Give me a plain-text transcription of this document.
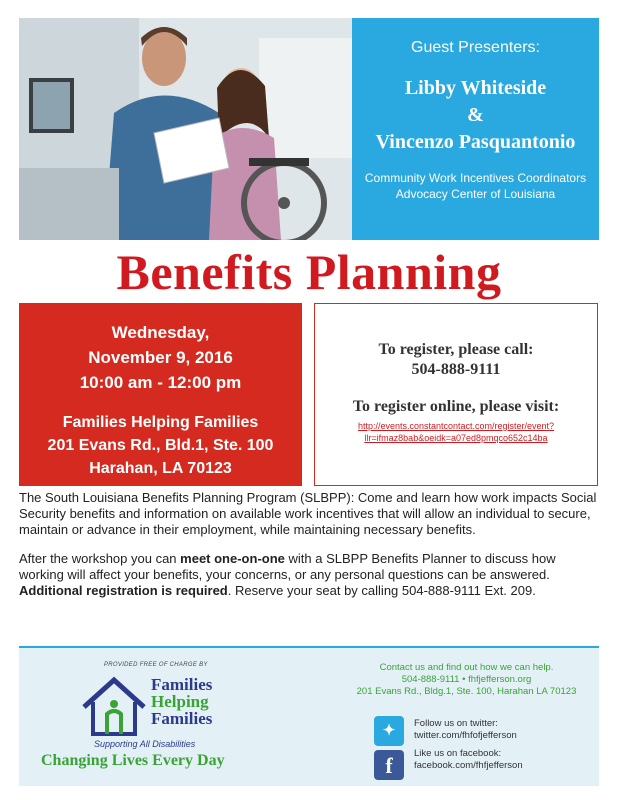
Guest Presenters:
Libby Whiteside
&
Vincenzo Pasquantonio
Community Work Incentives Coordinators
Advocacy Center of Louisiana
Benefits Planning
Wednesday,
November 9, 2016
10:00 am - 12:00 pm
Families Helping Families
201 Evans Rd., Bld.1, Ste. 100
Harahan, LA 70123
To register, please call:
504-888-9111
To register online, please visit:
http://events.constantcontact.com/register/event?
llr=ifmaz8bab&oeidk=a07ed8pmqco652c14ba

The South Louisiana Benefits Planning Program (SLBPP): Come and learn how work impacts Social Security benefits and information on available work incentives that will allow an individual to secure, maintain or advance in their employment, while maintaining necessary benefits.

After the workshop you can meet one-on-one with a SLBPP Benefits Planner to discuss how working will affect your benefits, your concerns, or any personal questions can be answered. Additional registration is required. Reserve your seat by calling 504-888-9111 Ext. 209.

PROVIDED FREE OF CHARGE BY
Families
Helping
Families
Supporting All Disabilities
Changing Lives Every Day
Contact us and find out how we can help.
504-888-9111 • fhfjefferson.org
201 Evans Rd., Bldg.1, Ste. 100, Harahan LA 70123
✦	Follow us on twitter:
twitter.com/fhfofjefferson
f	Like us on facebook:
facebook.com/fhfjefferson
